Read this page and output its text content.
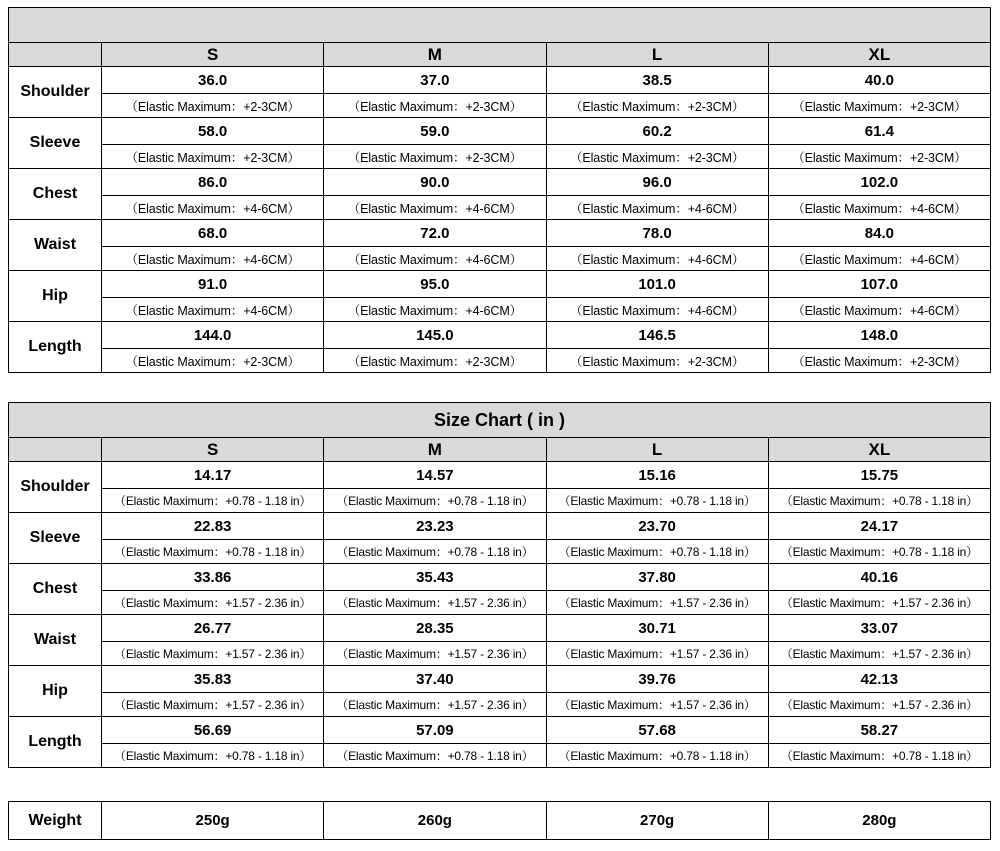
	S	M	L	XL
Shoulder	36.0	37.0	38.5	40.0
	（Elastic Maximum：+2-3CM）	（Elastic Maximum：+2-3CM）	（Elastic Maximum：+2-3CM）	（Elastic Maximum：+2-3CM）
Sleeve	58.0	59.0	60.2	61.4
	（Elastic Maximum：+2-3CM）	（Elastic Maximum：+2-3CM）	（Elastic Maximum：+2-3CM）	（Elastic Maximum：+2-3CM）
Chest	86.0	90.0	96.0	102.0
	（Elastic Maximum：+4-6CM）	（Elastic Maximum：+4-6CM）	（Elastic Maximum：+4-6CM）	（Elastic Maximum：+4-6CM）
Waist	68.0	72.0	78.0	84.0
	（Elastic Maximum：+4-6CM）	（Elastic Maximum：+4-6CM）	（Elastic Maximum：+4-6CM）	（Elastic Maximum：+4-6CM）
Hip	91.0	95.0	101.0	107.0
	（Elastic Maximum：+4-6CM）	（Elastic Maximum：+4-6CM）	（Elastic Maximum：+4-6CM）	（Elastic Maximum：+4-6CM）
Length	144.0	145.0	146.5	148.0
	（Elastic Maximum：+2-3CM）	（Elastic Maximum：+2-3CM）	（Elastic Maximum：+2-3CM）	（Elastic Maximum：+2-3CM）
Size Chart ( in )				
	S	M	L	XL
Shoulder	14.17	14.57	15.16	15.75
	（Elastic Maximum：+0.78 - 1.18 in）	（Elastic Maximum：+0.78 - 1.18 in）	（Elastic Maximum：+0.78 - 1.18 in）	（Elastic Maximum：+0.78 - 1.18 in）
Sleeve	22.83	23.23	23.70	24.17
	（Elastic Maximum：+0.78 - 1.18 in）	（Elastic Maximum：+0.78 - 1.18 in）	（Elastic Maximum：+0.78 - 1.18 in）	（Elastic Maximum：+0.78 - 1.18 in）
Chest	33.86	35.43	37.80	40.16
	（Elastic Maximum：+1.57 - 2.36 in）	（Elastic Maximum：+1.57 - 2.36 in）	（Elastic Maximum：+1.57 - 2.36 in）	（Elastic Maximum：+1.57 - 2.36 in）
Waist	26.77	28.35	30.71	33.07
	（Elastic Maximum：+1.57 - 2.36 in）	（Elastic Maximum：+1.57 - 2.36 in）	（Elastic Maximum：+1.57 - 2.36 in）	（Elastic Maximum：+1.57 - 2.36 in）
Hip	35.83	37.40	39.76	42.13
	（Elastic Maximum：+1.57 - 2.36 in）	（Elastic Maximum：+1.57 - 2.36 in）	（Elastic Maximum：+1.57 - 2.36 in）	（Elastic Maximum：+1.57 - 2.36 in）
Length	56.69	57.09	57.68	58.27
	（Elastic Maximum：+0.78 - 1.18 in）	（Elastic Maximum：+0.78 - 1.18 in）	（Elastic Maximum：+0.78 - 1.18 in）	（Elastic Maximum：+0.78 - 1.18 in）
Weight	250g	260g	270g	280g
